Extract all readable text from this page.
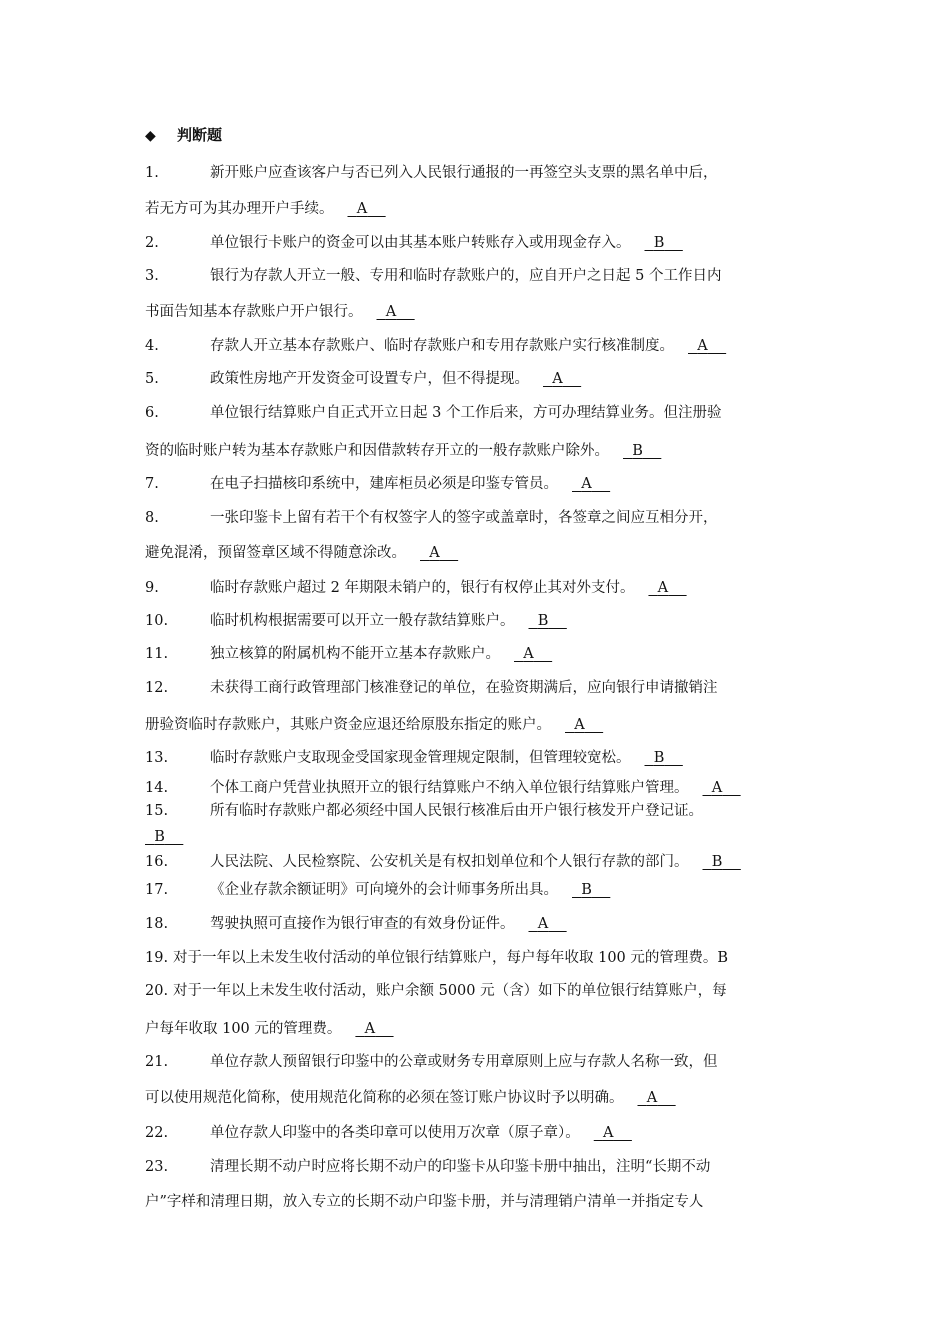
◆ 判断题
1.	新开账户应查该客户与否已列入人民银行通报的一再签空头支票的黑名单中后，
若无方可为其办理开户手续。 A
2.	单位银行卡账户的资金可以由其基本账户转账存入或用现金存入。 B
3.	银行为存款人开立一般、专用和临时存款账户的，应自开户之日起 5 个工作日内
书面告知基本存款账户开户银行。 A
4.	存款人开立基本存款账户、临时存款账户和专用存款账户实行核准制度。 A
5.	政策性房地产开发资金可设置专户，但不得提现。 A
6.	单位银行结算账户自正式开立日起 3 个工作后来，方可办理结算业务。但注册验
资的临时账户转为基本存款账户和因借款转存开立的一般存款账户除外。 B
7.	在电子扫描核印系统中，建库柜员必须是印鉴专管员。 A
8.	一张印鉴卡上留有若干个有权签字人的签字或盖章时，各签章之间应互相分开，
避免混淆，预留签章区域不得随意涂改。 A
9.	临时存款账户超过 2 年期限未销户的，银行有权停止其对外支付。 A
10.	临时机构根据需要可以开立一般存款结算账户。 B
11.	独立核算的附属机构不能开立基本存款账户。 A
12.	未获得工商行政管理部门核准登记的单位，在验资期满后，应向银行申请撤销注
册验资临时存款账户，其账户资金应退还给原股东指定的账户。 A
13.	临时存款账户支取现金受国家现金管理规定限制，但管理较宽松。 B
14.	个体工商户凭营业执照开立的银行结算账户不纳入单位银行结算账户管理。 A
15.	所有临时存款账户都必须经中国人民银行核准后由开户银行核发开户登记证。
B
16.	人民法院、人民检察院、公安机关是有权扣划单位和个人银行存款的部门。 B
17.	《企业存款余额证明》可向境外的会计师事务所出具。 B
18.	驾驶执照可直接作为银行审查的有效身份证件。 A
19. 对于一年以上未发生收付活动的单位银行结算账户，每户每年收取 100 元的管理费。B
20. 对于一年以上未发生收付活动，账户余额 5000 元（含）如下的单位银行结算账户，每
户每年收取 100 元的管理费。 A
21.	单位存款人预留银行印鉴中的公章或财务专用章原则上应与存款人名称一致，但
可以使用规范化简称，使用规范化简称的必须在签订账户协议时予以明确。 A
22.	单位存款人印鉴中的各类印章可以使用万次章（原子章）。 A
23.	清理长期不动户时应将长期不动户的印鉴卡从印鉴卡册中抽出，注明“长期不动
户”字样和清理日期，放入专立的长期不动户印鉴卡册，并与清理销户清单一并指定专人
